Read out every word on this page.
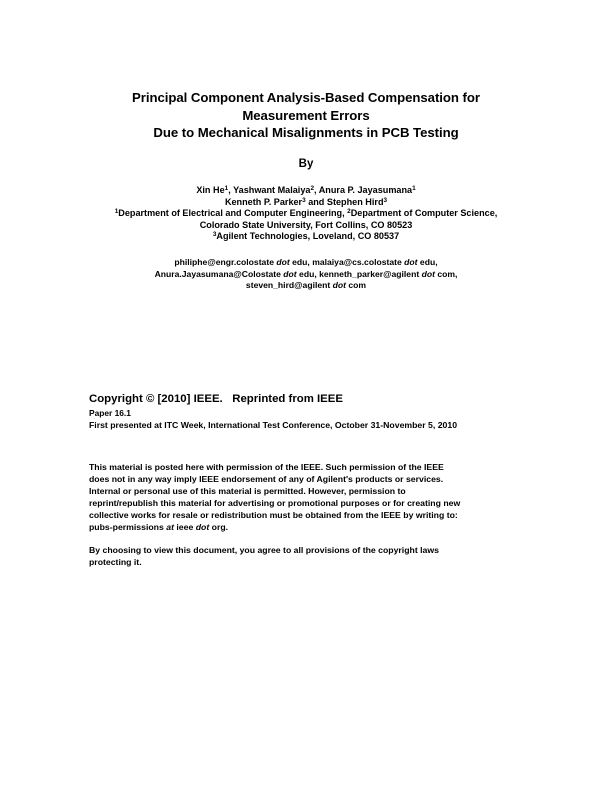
Principal Component Analysis-Based Compensation for
Measurement Errors
Due to Mechanical Misalignments in PCB Testing
By
Xin He$^1$, Yashwant Malaiya$^2$, Anura P. Jayasumana$^1$
Kenneth P. Parker$^3$ and Stephen Hird$^3$
$^1$Department of Electrical and Computer Engineering, $^2$Department of Computer Science,
Colorado State University, Fort Collins, CO 80523
$^3$Agilent Technologies, Loveland, CO 80537
philiphe@engr.colostate dot edu, malaiya@cs.colostate dot edu,
Anura.Jayasumana@Colostate dot edu, kenneth_parker@agilent dot com,
steven_hird@agilent dot com
Copyright © [2010] IEEE.   Reprinted from IEEE
Paper 16.1
First presented at ITC Week, International Test Conference, October 31-November 5, 2010
This material is posted here with permission of the IEEE. Such permission of the IEEE
does not in any way imply IEEE endorsement of any of Agilent's products or services.
Internal or personal use of this material is permitted. However, permission to
reprint/republish this material for advertising or promotional purposes or for creating new
collective works for resale or redistribution must be obtained from the IEEE by writing to:
pubs-permissions at ieee dot org.
By choosing to view this document, you agree to all provisions of the copyright laws
protecting it.
